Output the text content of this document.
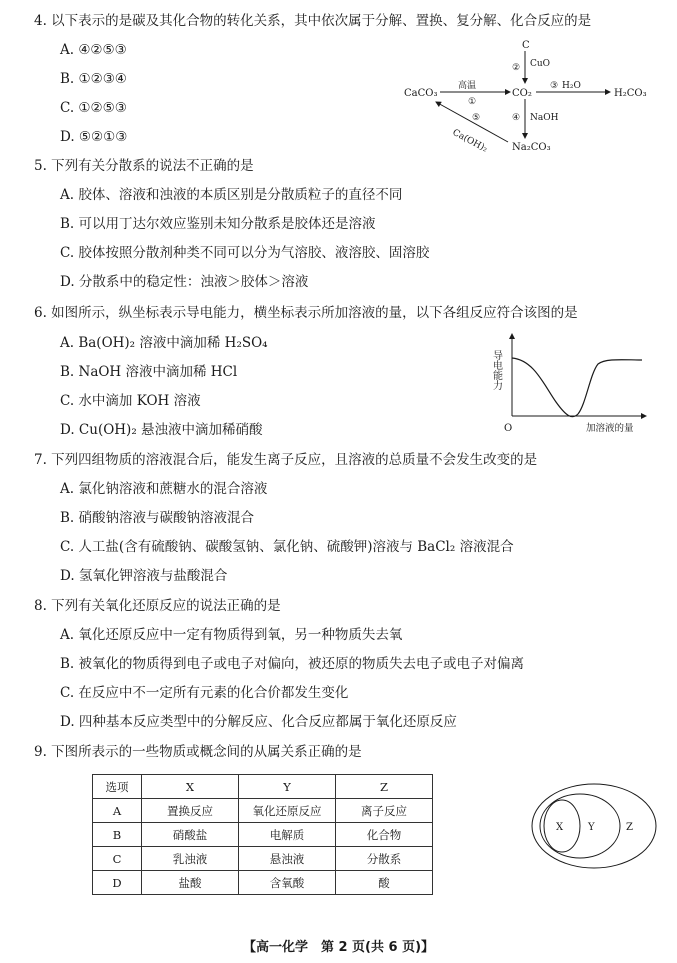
4. 以下表示的是碳及其化合物的转化关系，其中依次属于分解、置换、复分解、化合反应的是
A. ④②⑤③
B. ①②③④
C. ①②⑤③
D. ⑤②①③
C
② CuO
CaCO₃
高温
①
CO₂
③ H₂O
H₂CO₃
④ NaOH
Na₂CO₃
⑤
Ca(OH)₂
5. 下列有关分散系的说法不正确的是
A. 胶体、溶液和浊液的本质区别是分散质粒子的直径不同
B. 可以用丁达尔效应鉴别未知分散系是胶体还是溶液
C. 胶体按照分散剂种类不同可以分为气溶胶、液溶胶、固溶胶
D. 分散系中的稳定性：浊液＞胶体＞溶液
6. 如图所示，纵坐标表示导电能力，横坐标表示所加溶液的量，以下各组反应符合该图的是
A. Ba(OH)₂ 溶液中滴加稀 H₂SO₄
B. NaOH 溶液中滴加稀 HCl
C. 水中滴加 KOH 溶液
D. Cu(OH)₂ 悬浊液中滴加稀硝酸
导电能力
O	加溶液的量
7. 下列四组物质的溶液混合后，能发生离子反应，且溶液的总质量不会发生改变的是
A. 氯化钠溶液和蔗糖水的混合溶液
B. 硝酸钠溶液与碳酸钠溶液混合
C. 人工盐(含有硫酸钠、碳酸氢钠、氯化钠、硫酸钾)溶液与 BaCl₂ 溶液混合
D. 氢氧化钾溶液与盐酸混合
8. 下列有关氧化还原反应的说法正确的是
A. 氧化还原反应中一定有物质得到氧，另一种物质失去氧
B. 被氧化的物质得到电子或电子对偏向，被还原的物质失去电子或电子对偏离
C. 在反应中不一定所有元素的化合价都发生变化
D. 四种基本反应类型中的分解反应、化合反应都属于氧化还原反应
9. 下图所表示的一些物质或概念间的从属关系正确的是
选项	X	Y	Z
A	置换反应	氧化还原反应	离子反应
B	硝酸盐	电解质	化合物
C	乳浊液	悬浊液	分散系
D	盐酸	含氧酸	酸
X Y	Z
【高一化学　第 2 页(共 6 页)】
